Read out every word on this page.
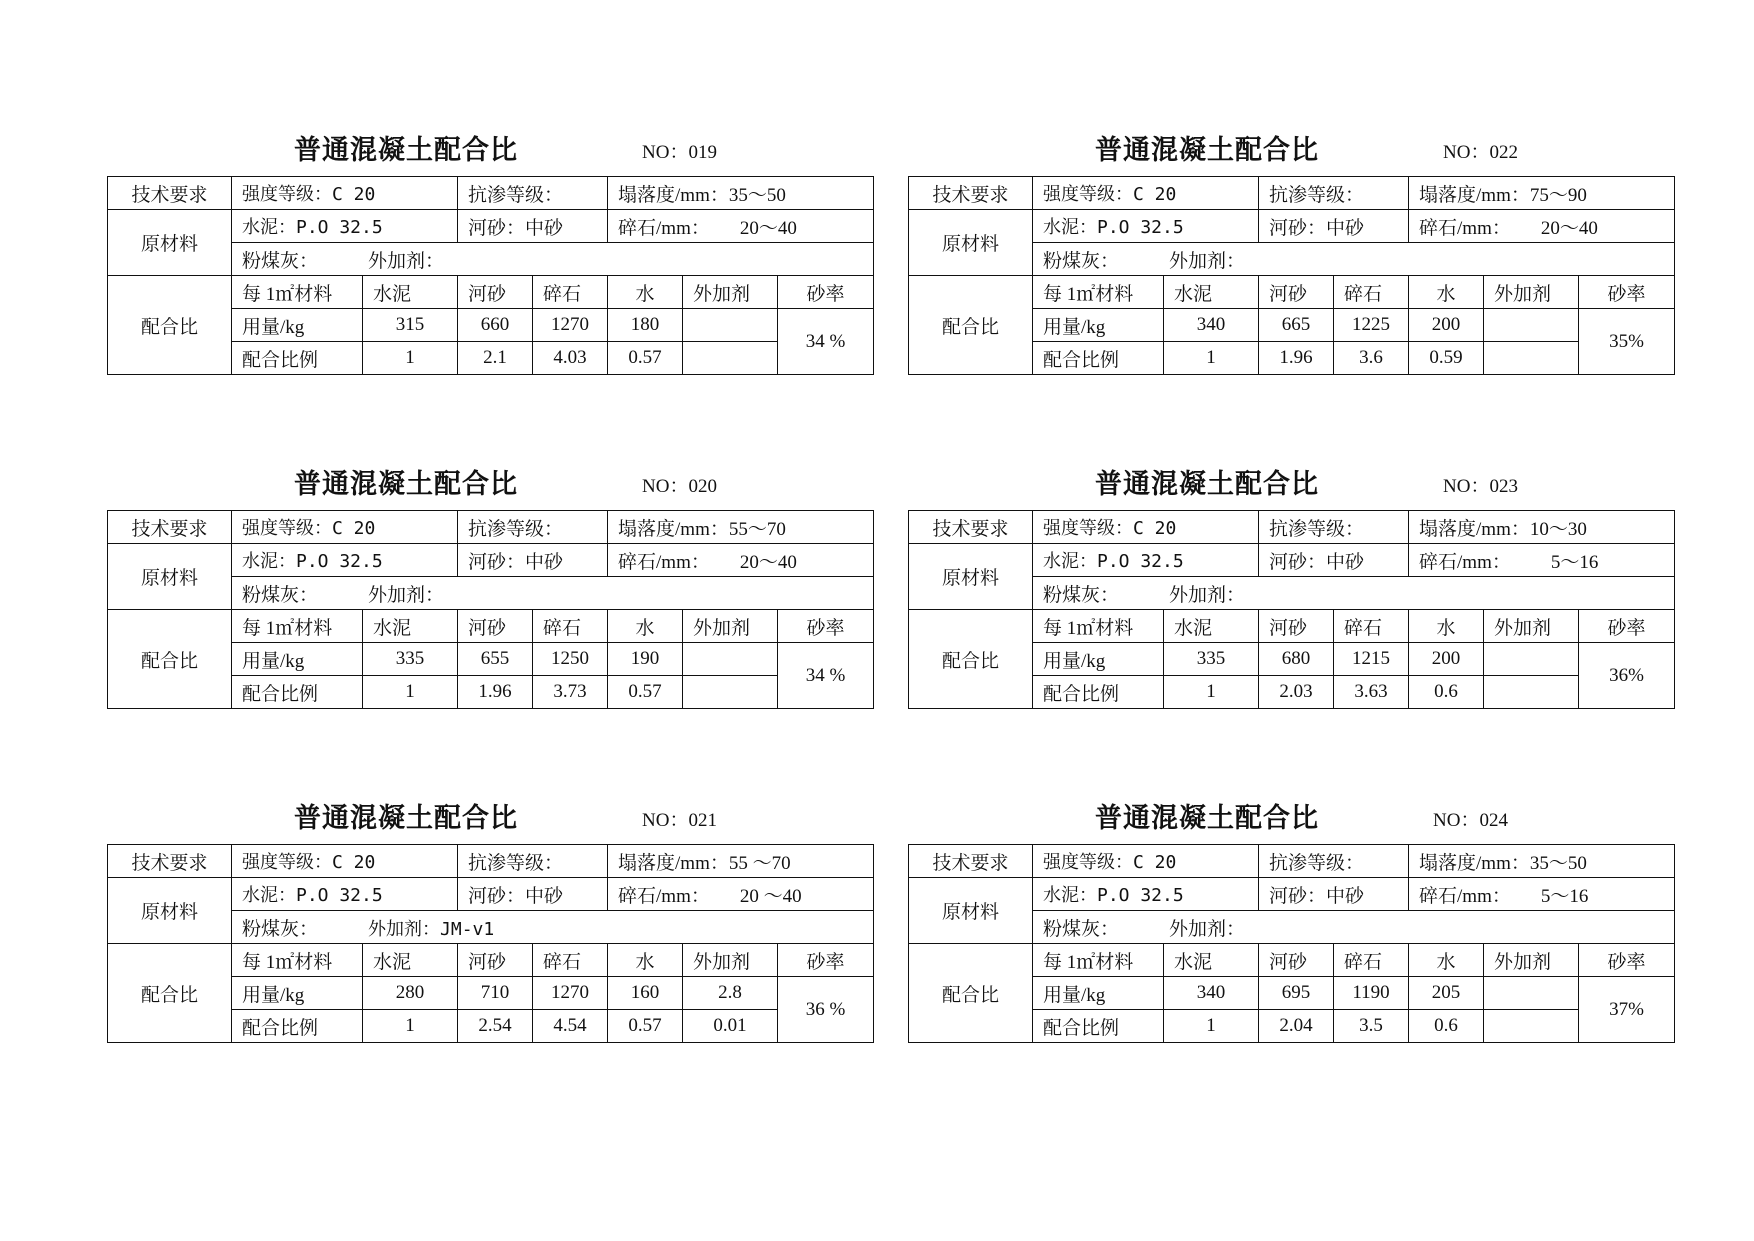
普通混凝土配合比	NO：019
技术要求	强度等级：C 20		抗渗等级：		塌落度/mm：35～50		
原材料	水泥：P.O 32.5		河砂：中砂		碎石/mm： 20～40		
	粉煤灰： 外加剂：						
配合比	每 1㎡材料	水泥	河砂	碎石	水	外加剂	砂率
	用量/kg	315	660	1270	180		34 %
	配合比例	1	2.1	4.03	0.57		
普通混凝土配合比	NO：020
技术要求	强度等级：C 20		抗渗等级：		塌落度/mm：55～70		
原材料	水泥：P.O 32.5		河砂：中砂		碎石/mm： 20～40		
	粉煤灰： 外加剂：						
配合比	每 1㎡材料	水泥	河砂	碎石	水	外加剂	砂率
	用量/kg	335	655	1250	190		34 %
	配合比例	1	1.96	3.73	0.57		
普通混凝土配合比	NO：021
技术要求	强度等级：C 20		抗渗等级：		塌落度/mm：55 ～70		
原材料	水泥：P.O 32.5		河砂：中砂		碎石/mm： 20 ～40		
	粉煤灰： 外加剂：JM-v1						
配合比	每 1㎡材料	水泥	河砂	碎石	水	外加剂	砂率
	用量/kg	280	710	1270	160	2.8	36 %
	配合比例	1	2.54	4.54	0.57	0.01	
普通混凝土配合比	NO：022
技术要求	强度等级：C 20		抗渗等级：		塌落度/mm：75～90		
原材料	水泥：P.O 32.5		河砂：中砂		碎石/mm： 20～40		
	粉煤灰： 外加剂：						
配合比	每 1㎡材料	水泥	河砂	碎石	水	外加剂	砂率
	用量/kg	340	665	1225	200		35%
	配合比例	1	1.96	3.6	0.59		
普通混凝土配合比	NO：023
技术要求	强度等级：C 20		抗渗等级：		塌落度/mm：10～30		
原材料	水泥：P.O 32.5		河砂：中砂		碎石/mm： 5～16		
	粉煤灰： 外加剂：						
配合比	每 1㎡材料	水泥	河砂	碎石	水	外加剂	砂率
	用量/kg	335	680	1215	200		36%
	配合比例	1	2.03	3.63	0.6		
普通混凝土配合比	NO：024
技术要求	强度等级：C 20		抗渗等级：		塌落度/mm：35～50		
原材料	水泥：P.O 32.5		河砂：中砂		碎石/mm： 5～16		
	粉煤灰： 外加剂：						
配合比	每 1㎡材料	水泥	河砂	碎石	水	外加剂	砂率
	用量/kg	340	695	1190	205		37%
	配合比例	1	2.04	3.5	0.6		
